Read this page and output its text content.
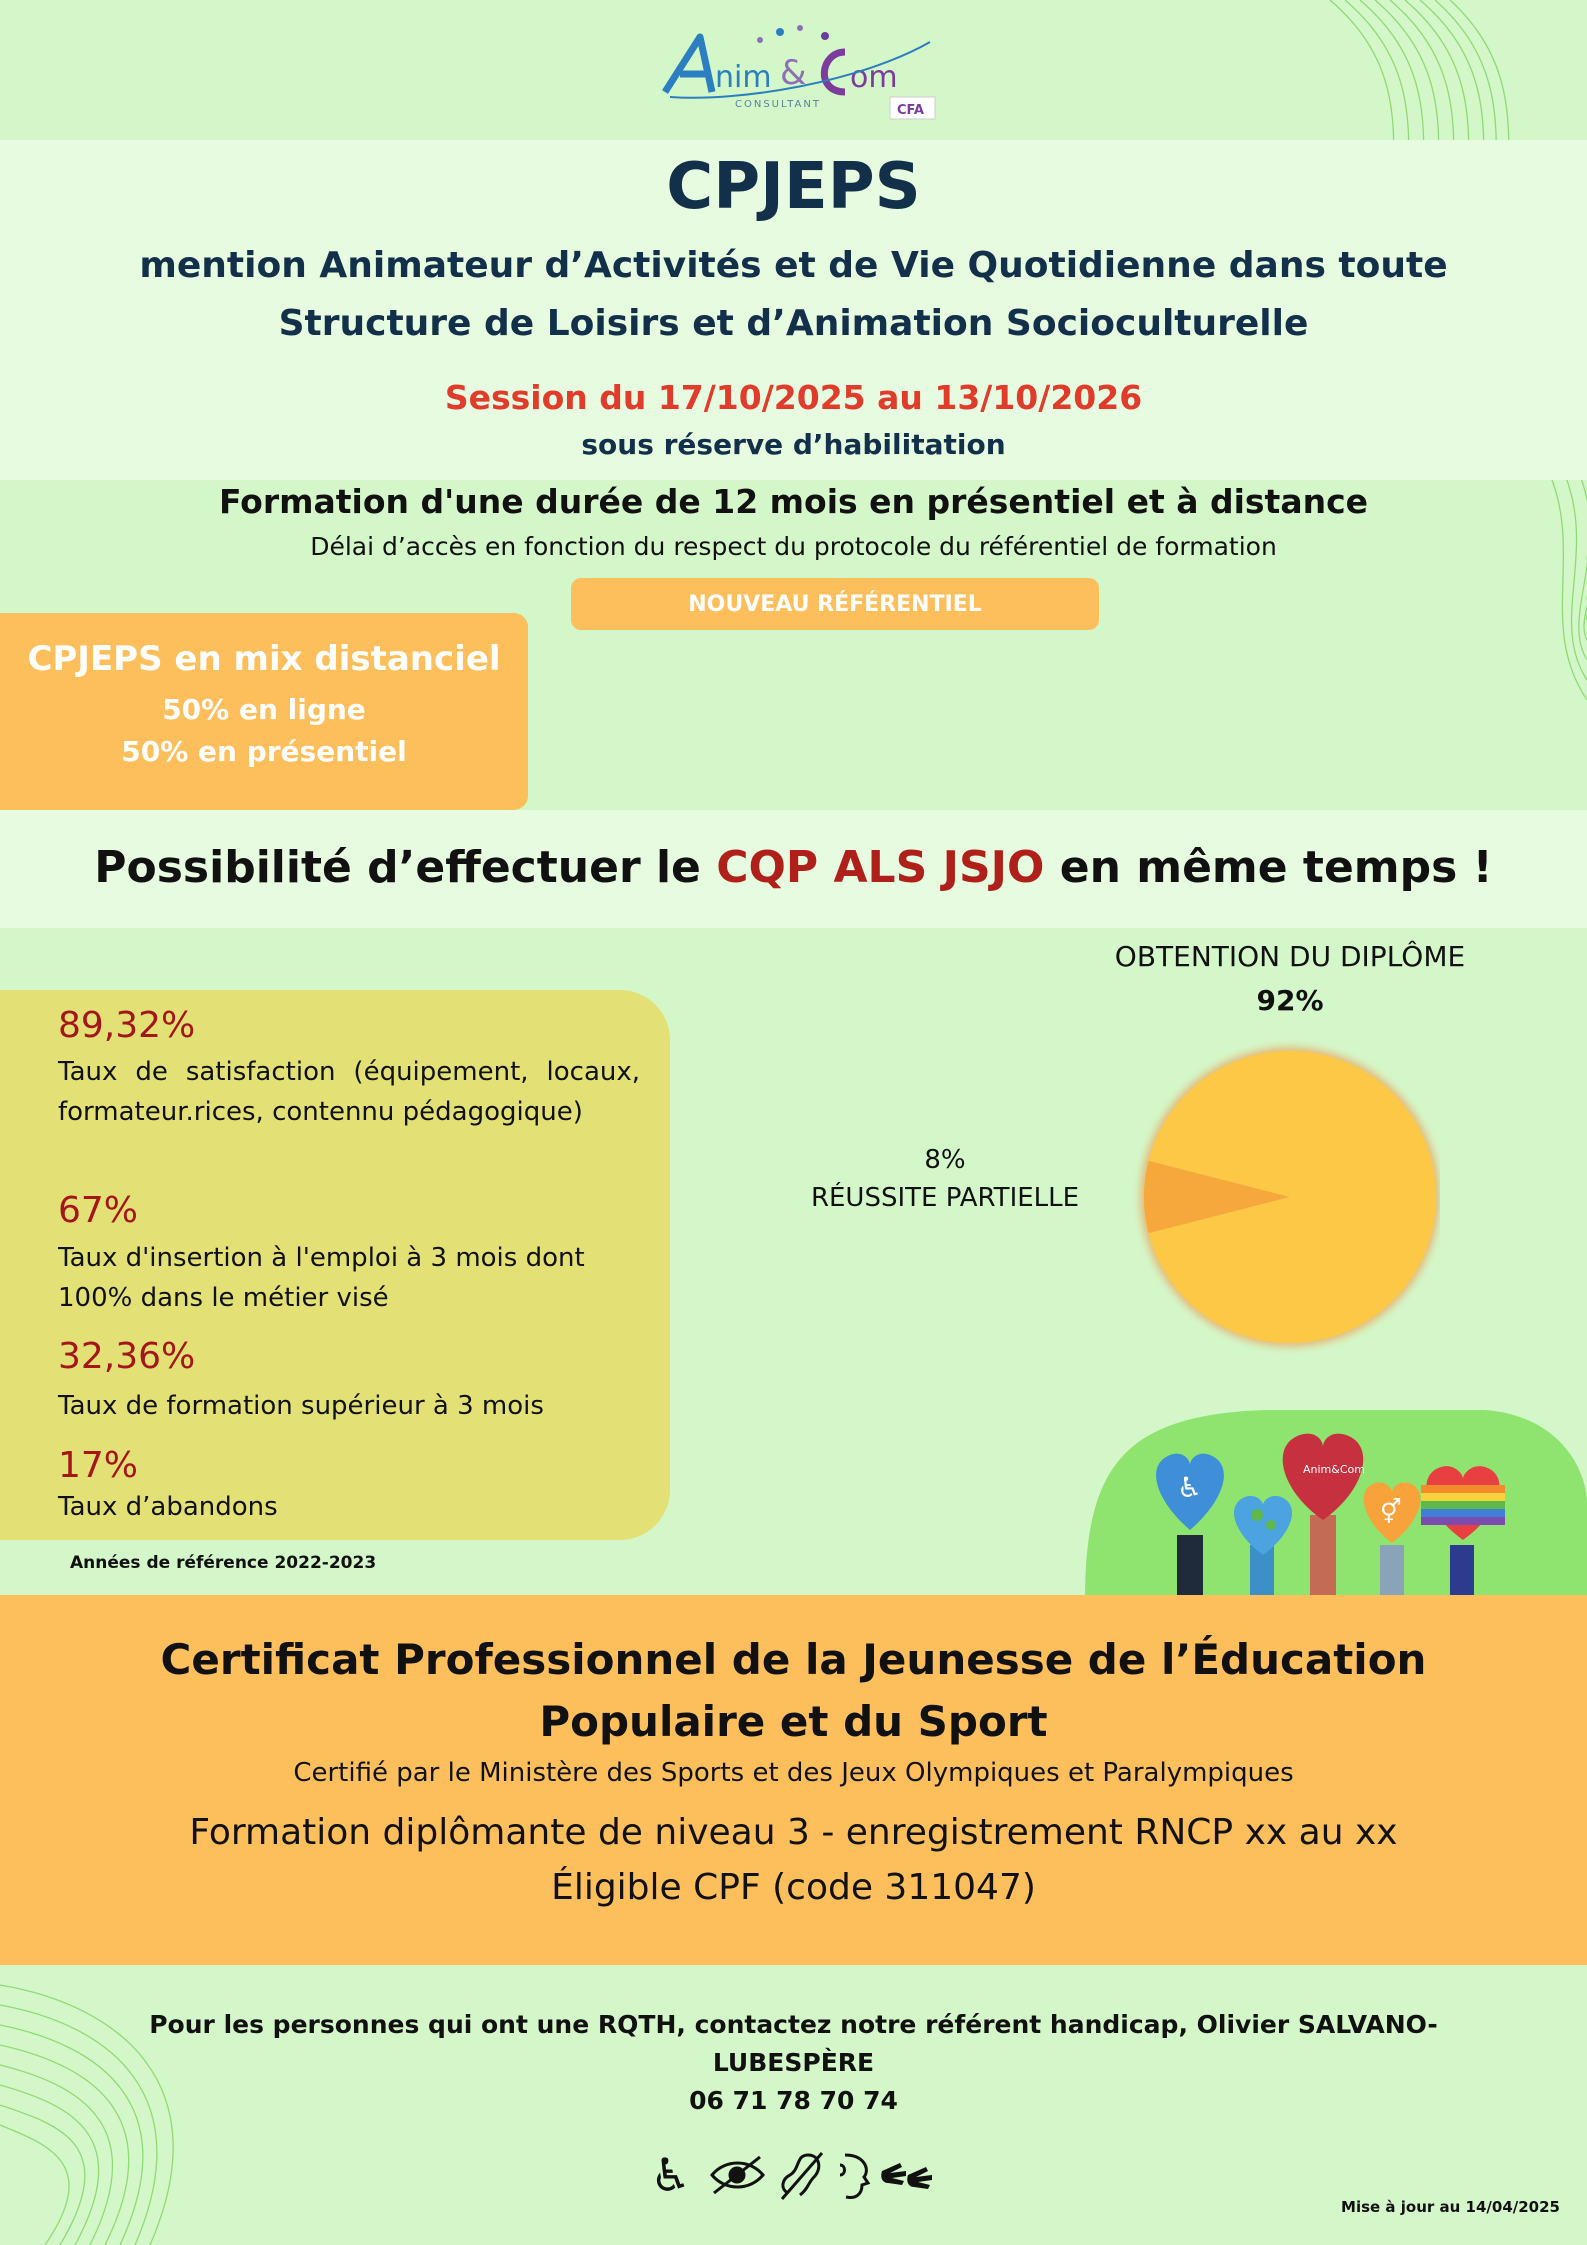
nim & om
CONSULTANT	CFA
CPJEPS
mention Animateur d’Activités et de Vie Quotidienne dans toute
Structure de Loisirs et d’Animation Socioculturelle
Session du 17/10/2025 au 13/10/2026
sous réserve d’habilitation
Formation d'une durée de 12 mois en présentiel et à distance
Délai d’accès en fonction du respect du protocole du référentiel de formation
NOUVEAU RÉFÉRENTIEL
CPJEPS en mix distanciel
50% en ligne
50% en présentiel
Possibilité d’effectuer le CQP ALS JSJO en même temps !
89,32%
Taux de satisfaction (équipement, locaux, formateur.rices, contennu pédagogique)
67%
Taux d'insertion à l'emploi à 3 mois dont 100% dans le métier visé
32,36%
Taux de formation supérieur à 3 mois
17%
Taux d’abandons
Années de référence 2022-2023
OBTENTION DU DIPLÔME
92%
8%
RÉUSSITE PARTIELLE
♿
Anim&Com
⚥
Certificat Professionnel de la Jeunesse de l’Éducation
Populaire et du Sport
Certifié par le Ministère des Sports et des Jeux Olympiques et Paralympiques
Formation diplômante de niveau 3 - enregistrement RNCP xx au xx
Éligible CPF (code 311047)
Pour les personnes qui ont une RQTH, contactez notre référent handicap, Olivier SALVANO-
LUBESPÈRE
06 71 78 70 74
♿
Mise à jour au 14/04/2025
